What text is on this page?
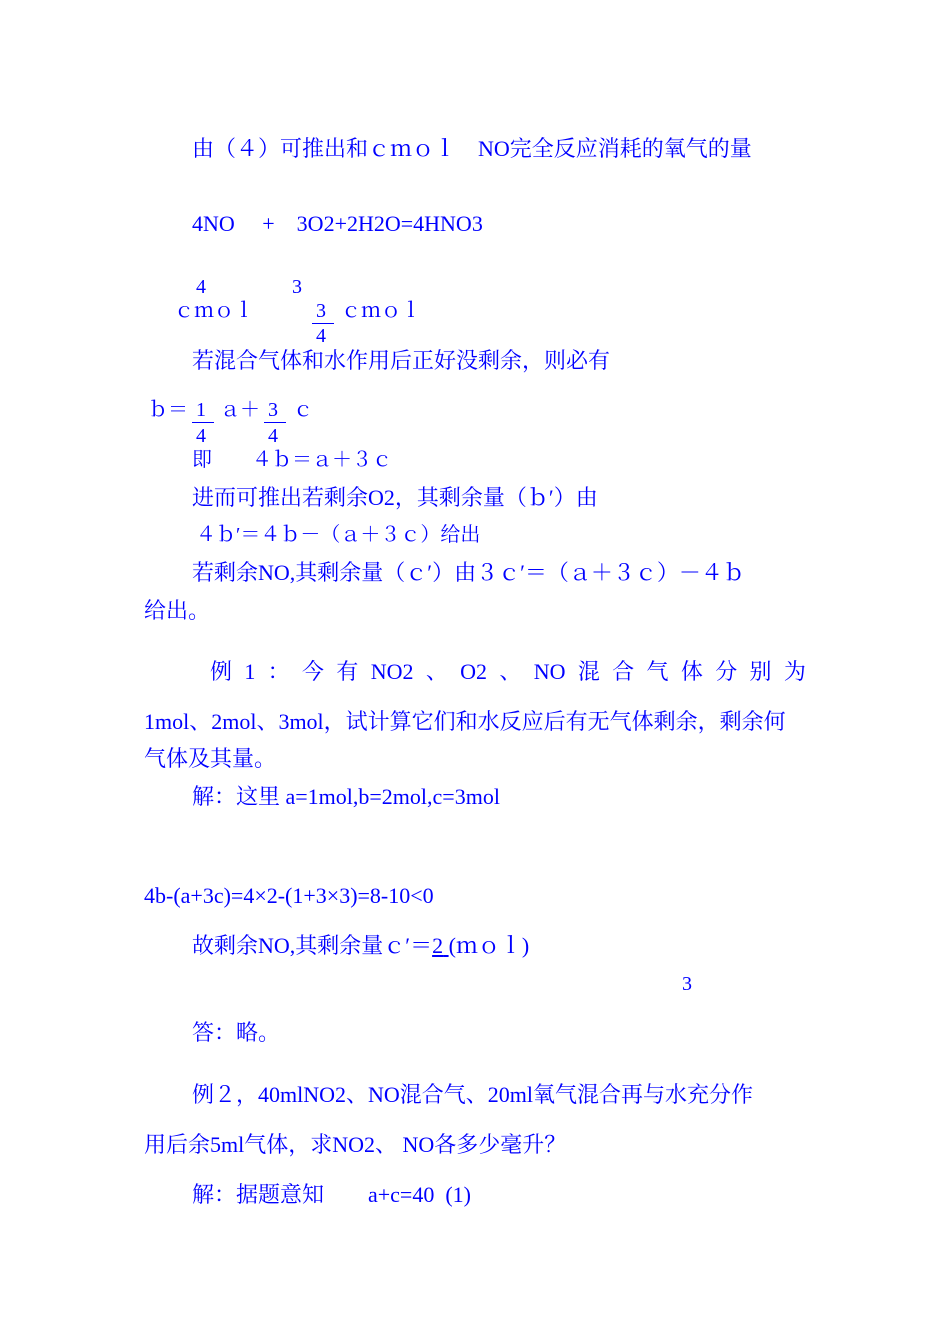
由（４）可推出和ｃｍｏｌ　NO完全反应消耗的氧气的量
4NO　 +　3O2+2H2O=4HNO3
4	3
ｃｍｏｌ	3 ｃｍｏｌ
4
若混合气体和水作用后正好没剩余，则必有
ｂ＝ 1 ａ＋ 3 ｃ
4	4
即　　４ｂ＝ａ＋３ｃ
进而可推出若剩余O2，其剩余量（ｂ′）由
４ｂ′＝４ｂ－（ａ＋３ｃ）给出
若剩余NO,其剩余量（ｃ′）由３ｃ′＝（ａ＋３ｃ）－４ｂ
给出。
例 1 ： 今 有 NO2 、 O2 、 NO 混 合 气 体 分 别 为
1mol、2mol、3mol，试计算它们和水反应后有无气体剩余，剩余何
气体及其量。
解：这里 a=1mol,b=2mol,c=3mol
4b-(a+3c)=4×2-(1+3×3)=8-10<0
故剩余NO,其剩余量ｃ′＝2 (ｍｏｌ)
3
答：略。
例２，40mlNO2、NO混合气、20ml氧气混合再与水充分作
用后余5ml气体，求NO2、 NO各多少毫升？
解：据题意知　　a+c=40  (1)
